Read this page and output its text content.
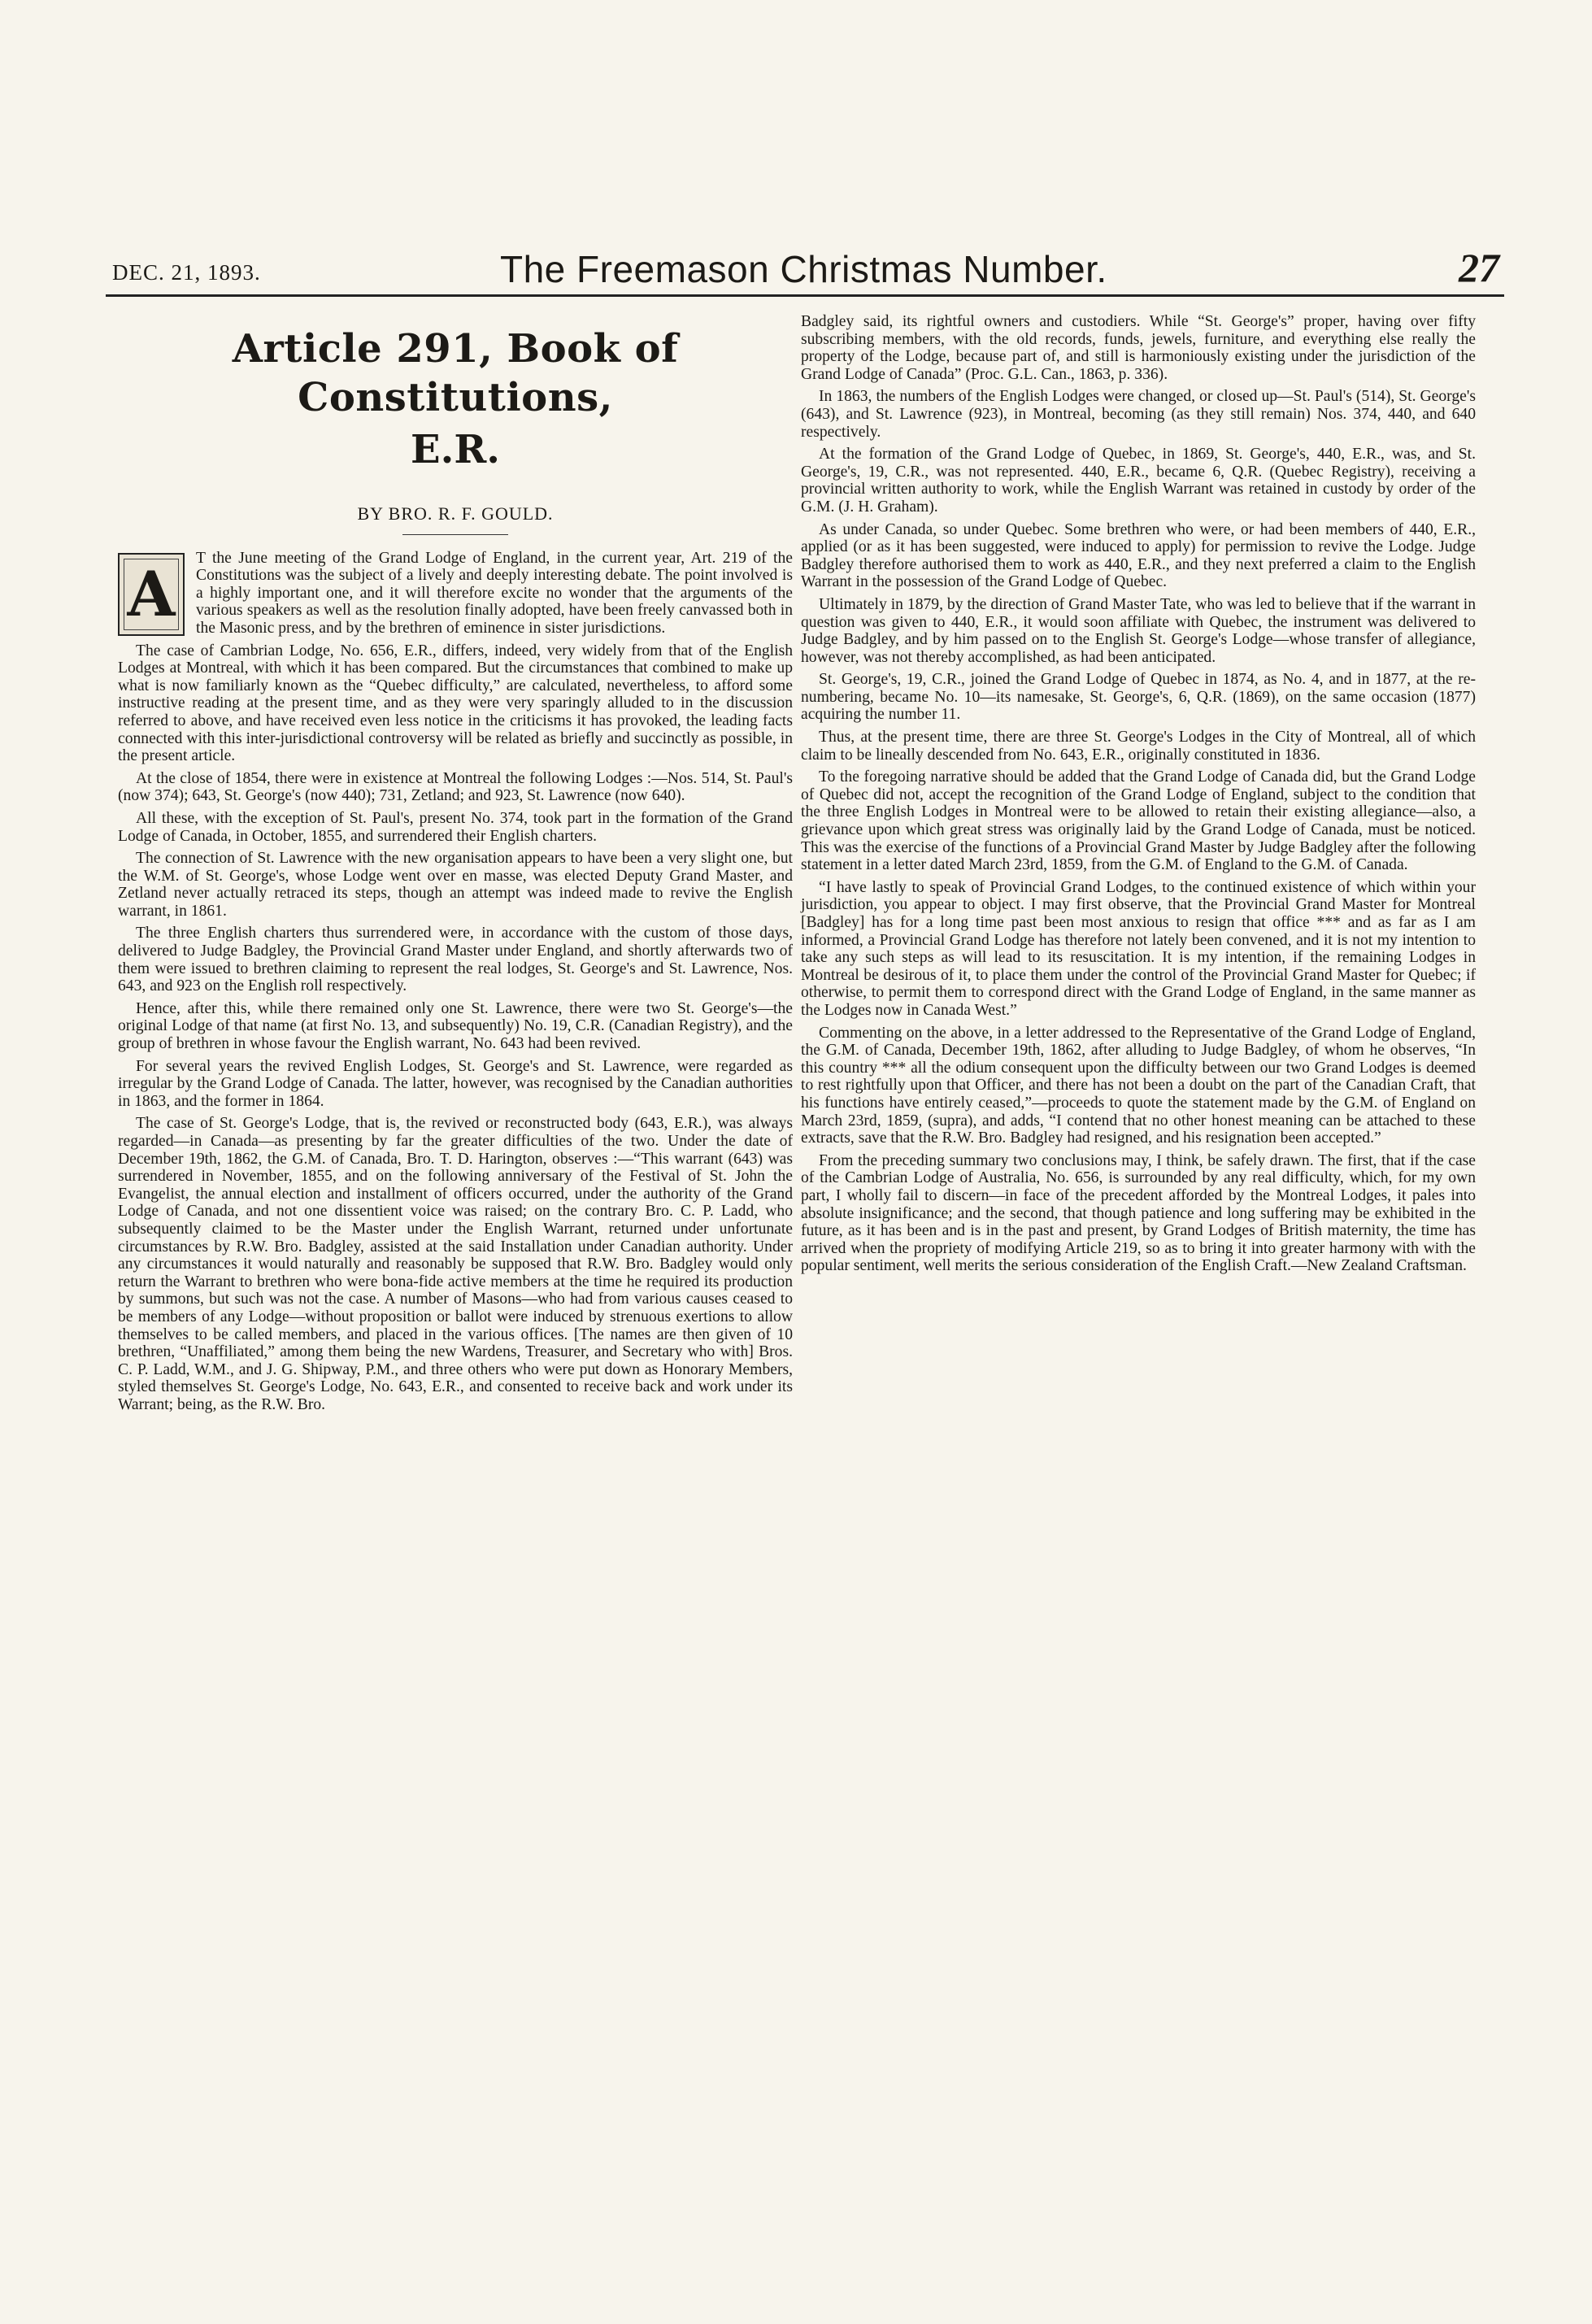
DEC. 21, 1893.	The Freemason Christmas Number.	27
Article 291, Book of Constitutions,
E.R.
BY BRO. R. F. GOULD.

A T the June meeting of the Grand Lodge of England, in the current year, Art. 219 of the Constitutions was the subject of a lively and deeply interesting debate. The point involved is a highly important one, and it will therefore excite no wonder that the arguments of the various speakers as well as the resolution finally adopted, have been freely canvassed both in the Masonic press, and by the brethren of eminence in sister jurisdictions.

The case of Cambrian Lodge, No. 656, E.R., differs, indeed, very widely from that of the English Lodges at Montreal, with which it has been compared. But the circumstances that combined to make up what is now familiarly known as the “Quebec difficulty,” are calculated, nevertheless, to afford some instructive reading at the present time, and as they were very sparingly alluded to in the discussion referred to above, and have received even less notice in the criticisms it has provoked, the leading facts connected with this inter-jurisdictional controversy will be related as briefly and succinctly as possible, in the present article.

At the close of 1854, there were in existence at Montreal the following Lodges :—Nos. 514, St. Paul's (now 374); 643, St. George's (now 440); 731, Zetland; and 923, St. Lawrence (now 640).

All these, with the exception of St. Paul's, present No. 374, took part in the formation of the Grand Lodge of Canada, in October, 1855, and surrendered their English charters.

The connection of St. Lawrence with the new organisation appears to have been a very slight one, but the W.M. of St. George's, whose Lodge went over en masse, was elected Deputy Grand Master, and Zetland never actually retraced its steps, though an attempt was indeed made to revive the English warrant, in 1861.

The three English charters thus surrendered were, in accordance with the custom of those days, delivered to Judge Badgley, the Provincial Grand Master under England, and shortly afterwards two of them were issued to brethren claiming to represent the real lodges, St. George's and St. Lawrence, Nos. 643, and 923 on the English roll respectively.

Hence, after this, while there remained only one St. Lawrence, there were two St. George's—the original Lodge of that name (at first No. 13, and subsequently) No. 19, C.R. (Canadian Registry), and the group of brethren in whose favour the English warrant, No. 643 had been revived.

For several years the revived English Lodges, St. George's and St. Lawrence, were regarded as irregular by the Grand Lodge of Canada. The latter, however, was recognised by the Canadian authorities in 1863, and the former in 1864.

The case of St. George's Lodge, that is, the revived or reconstructed body (643, E.R.), was always regarded—in Canada—as presenting by far the greater difficulties of the two. Under the date of December 19th, 1862, the G.M. of Canada, Bro. T. D. Harington, observes :—“This warrant (643) was surrendered in November, 1855, and on the following anniversary of the Festival of St. John the Evangelist, the annual election and installment of officers occurred, under the authority of the Grand Lodge of Canada, and not one dissentient voice was raised; on the contrary Bro. C. P. Ladd, who subsequently claimed to be the Master under the English Warrant, returned under unfortunate circumstances by R.W. Bro. Badgley, assisted at the said Installation under Canadian authority. Under any circumstances it would naturally and reasonably be supposed that R.W. Bro. Badgley would only return the Warrant to brethren who were bona-fide active members at the time he required its production by summons, but such was not the case. A number of Masons—who had from various causes ceased to be members of any Lodge—without proposition or ballot were induced by strenuous exertions to allow themselves to be called members, and placed in the various offices. [The names are then given of 10 brethren, “Unaffiliated,” among them being the new Wardens, Treasurer, and Secretary who with] Bros. C. P. Ladd, W.M., and J. G. Shipway, P.M., and three others who were put down as Honorary Members, styled themselves St. George's Lodge, No. 643, E.R., and consented to receive back and work under its Warrant; being, as the R.W. Bro.

Badgley said, its rightful owners and custodiers. While “St. George's” proper, having over fifty subscribing members, with the old records, funds, jewels, furniture, and everything else really the property of the Lodge, because part of, and still is harmoniously existing under the jurisdiction of the Grand Lodge of Canada” (Proc. G.L. Can., 1863, p. 336).

In 1863, the numbers of the English Lodges were changed, or closed up—St. Paul's (514), St. George's (643), and St. Lawrence (923), in Montreal, becoming (as they still remain) Nos. 374, 440, and 640 respectively.

At the formation of the Grand Lodge of Quebec, in 1869, St. George's, 440, E.R., was, and St. George's, 19, C.R., was not represented. 440, E.R., became 6, Q.R. (Quebec Registry), receiving a provincial written authority to work, while the English Warrant was retained in custody by order of the G.M. (J. H. Graham).

As under Canada, so under Quebec. Some brethren who were, or had been members of 440, E.R., applied (or as it has been suggested, were induced to apply) for permission to revive the Lodge. Judge Badgley therefore authorised them to work as 440, E.R., and they next preferred a claim to the English Warrant in the possession of the Grand Lodge of Quebec.

Ultimately in 1879, by the direction of Grand Master Tate, who was led to believe that if the warrant in question was given to 440, E.R., it would soon affiliate with Quebec, the instrument was delivered to Judge Badgley, and by him passed on to the English St. George's Lodge—whose transfer of allegiance, however, was not thereby accomplished, as had been anticipated.

St. George's, 19, C.R., joined the Grand Lodge of Quebec in 1874, as No. 4, and in 1877, at the re-numbering, became No. 10—its namesake, St. George's, 6, Q.R. (1869), on the same occasion (1877) acquiring the number 11.

Thus, at the present time, there are three St. George's Lodges in the City of Montreal, all of which claim to be lineally descended from No. 643, E.R., originally constituted in 1836.

To the foregoing narrative should be added that the Grand Lodge of Canada did, but the Grand Lodge of Quebec did not, accept the recognition of the Grand Lodge of England, subject to the condition that the three English Lodges in Montreal were to be allowed to retain their existing allegiance—also, a grievance upon which great stress was originally laid by the Grand Lodge of Canada, must be noticed. This was the exercise of the functions of a Provincial Grand Master by Judge Badgley after the following statement in a letter dated March 23rd, 1859, from the G.M. of England to the G.M. of Canada.

“I have lastly to speak of Provincial Grand Lodges, to the continued existence of which within your jurisdiction, you appear to object. I may first observe, that the Provincial Grand Master for Montreal [Badgley] has for a long time past been most anxious to resign that office *** and as far as I am informed, a Provincial Grand Lodge has therefore not lately been convened, and it is not my intention to take any such steps as will lead to its resuscitation. It is my intention, if the remaining Lodges in Montreal be desirous of it, to place them under the control of the Provincial Grand Master for Quebec; if otherwise, to permit them to correspond direct with the Grand Lodge of England, in the same manner as the Lodges now in Canada West.”

Commenting on the above, in a letter addressed to the Representative of the Grand Lodge of England, the G.M. of Canada, December 19th, 1862, after alluding to Judge Badgley, of whom he observes, “In this country *** all the odium consequent upon the difficulty between our two Grand Lodges is deemed to rest rightfully upon that Officer, and there has not been a doubt on the part of the Canadian Craft, that his functions have entirely ceased,”—proceeds to quote the statement made by the G.M. of England on March 23rd, 1859, (supra), and adds, “I contend that no other honest meaning can be attached to these extracts, save that the R.W. Bro. Badgley had resigned, and his resignation been accepted.”

From the preceding summary two conclusions may, I think, be safely drawn. The first, that if the case of the Cambrian Lodge of Australia, No. 656, is surrounded by any real difficulty, which, for my own part, I wholly fail to discern—in face of the precedent afforded by the Montreal Lodges, it pales into absolute insignificance; and the second, that though patience and long suffering may be exhibited in the future, as it has been and is in the past and present, by Grand Lodges of British maternity, the time has arrived when the propriety of modifying Article 219, so as to bring it into greater harmony with with the popular sentiment, well merits the serious consideration of the English Craft.—New Zealand Craftsman.
